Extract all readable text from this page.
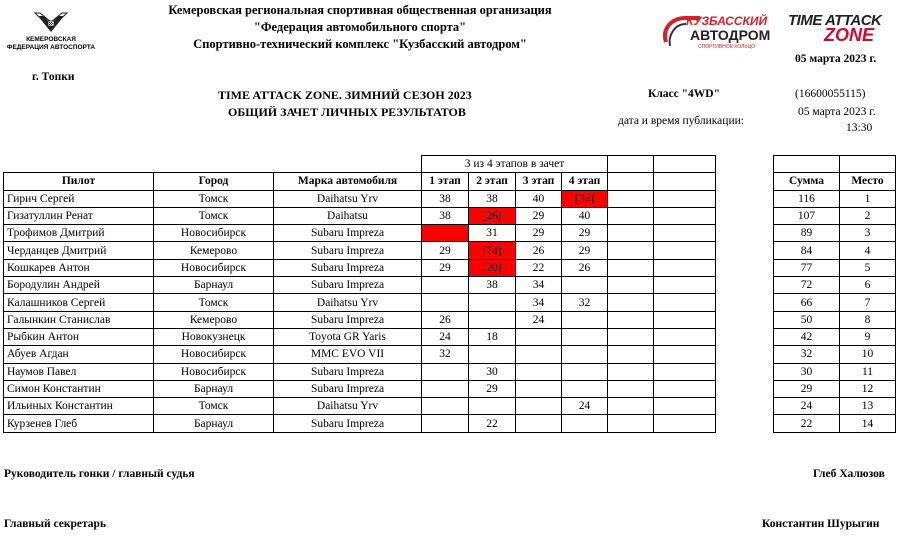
КЕМЕРОВСКАЯ
ФЕДЕРАЦИЯ АВТОСПОРТА
Кемеровская региональная спортивная общественная организация
"Федерация автомобильного спорта"
Спортивно-технический комплекс "Кузбасский автодром"
КУЗБАССКИЙ
АВТОДРОМ
СПОРТИВНОЕ КОЛЬЦО
TIME ATTACK
ZONE
05 марта 2023 г.
г. Топки
TIME ATTACK ZONE. ЗИМНИЙ СЕЗОН 2023
ОБЩИЙ ЗАЧЕТ ЛИЧНЫХ РЕЗУЛЬТАТОВ
Класс "4WD"	(16600055115)
05 марта 2023 г.
дата и время публикации:
13:30
			3 из 4 этапов в зачет								
Пилот	Город	Марка автомобиля	1 этап	2 этап	3 этап	4 этап				Сумма	Место
Гирич Сергей	Томск	Daihatsu Yrv	38	38	40	[36]				116	1
Гизатуллин Ренат	Томск	Daihatsu	38	[26]	29	40				107	2
Трофимов Дмитрий	Новосибирск	Subaru Impreza		31	29	29				89	3
Черданцев Дмитрий	Кемерово	Subaru Impreza	29	[24]	26	29				84	4
Кошкарев Антон	Новосибирск	Subaru Impreza	29	[20]	22	26				77	5
Бородулин Андрей	Барнаул	Subaru Impreza		38	34					72	6
Калашников Сергей	Томск	Daihatsu Yrv			34	32				66	7
Галынкин Станислав	Кемерово	Subaru Impreza	26		24					50	8
Рыбкин Антон	Новокузнецк	Toyota GR Yaris	24	18						42	9
Абуев Агдан	Новосибирск	MMC EVO VII	32							32	10
Наумов Павел	Новосибирск	Subaru Impreza		30						30	11
Симон Константин	Барнаул	Subaru Impreza		29						29	12
Ильиных Константин	Томск	Daihatsu Yrv				24				24	13
Курзенев Глеб	Барнаул	Subaru Impreza		22						22	14
Руководитель гонки / главный судья	Глеб Халюзов
Главный секретарь	Константин Шурыгин
